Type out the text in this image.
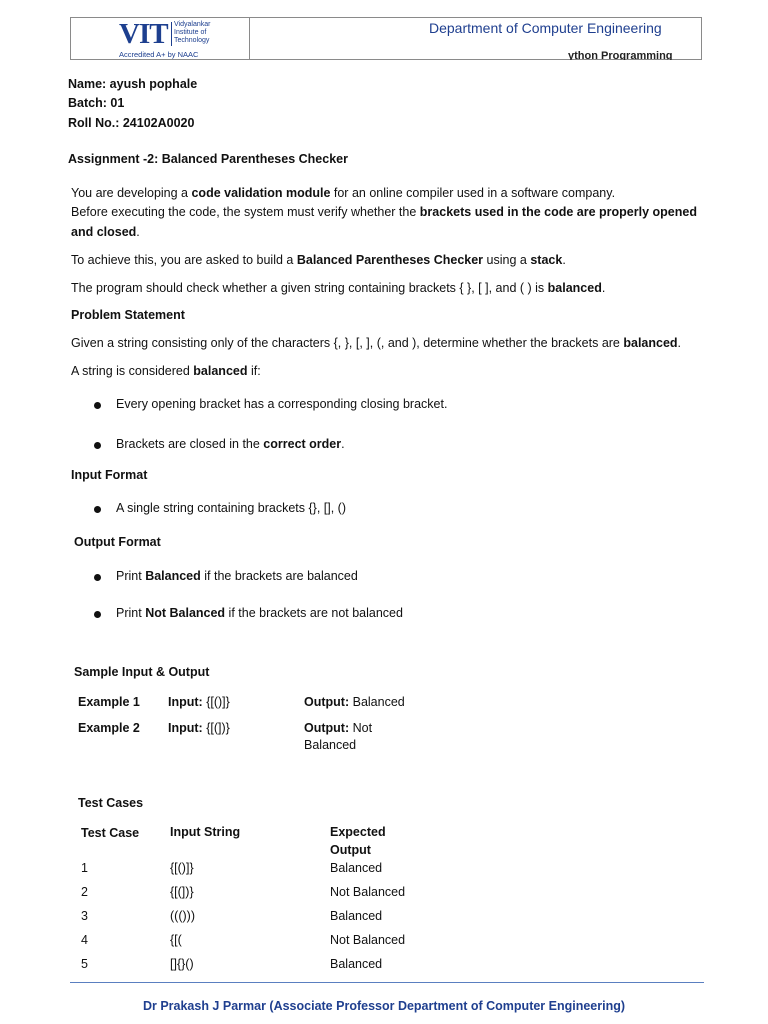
VIT Vidyalankar
Institute of
Technology
Accredited A+ by NAAC
Department of Computer Engineering
ython Programming
Name: ayush pophale
Batch: 01
Roll No.: 24102A0020
Assignment -2: Balanced Parentheses Checker
You are developing a code validation module for an online compiler used in a software company.
Before executing the code, the system must verify whether the brackets used in the code are properly opened
and closed.
To achieve this, you are asked to build a Balanced Parentheses Checker using a stack.
The program should check whether a given string containing brackets { }, [ ], and ( ) is balanced.
Problem Statement
Given a string consisting only of the characters {, }, [, ], (, and ), determine whether the brackets are balanced.
A string is considered balanced if:
Every opening bracket has a corresponding closing bracket.
Brackets are closed in the correct order.
Input Format
A single string containing brackets {}, [], ()
Output Format
Print Balanced if the brackets are balanced
Print Not Balanced if the brackets are not balanced
Sample Input & Output
Example 1 Input: {[()]}	Output: Balanced
Example 2 Input: {[(])}	Output: Not
Balanced
Test Cases
Test Case Input String	Expected
Output
1	{[()]}	Balanced
2	{[(])}	Not Balanced
3	((()))	Balanced
4	{[(	Not Balanced
5	[]{}()	Balanced
Dr Prakash J Parmar (Associate Professor Department of Computer Engineering)
